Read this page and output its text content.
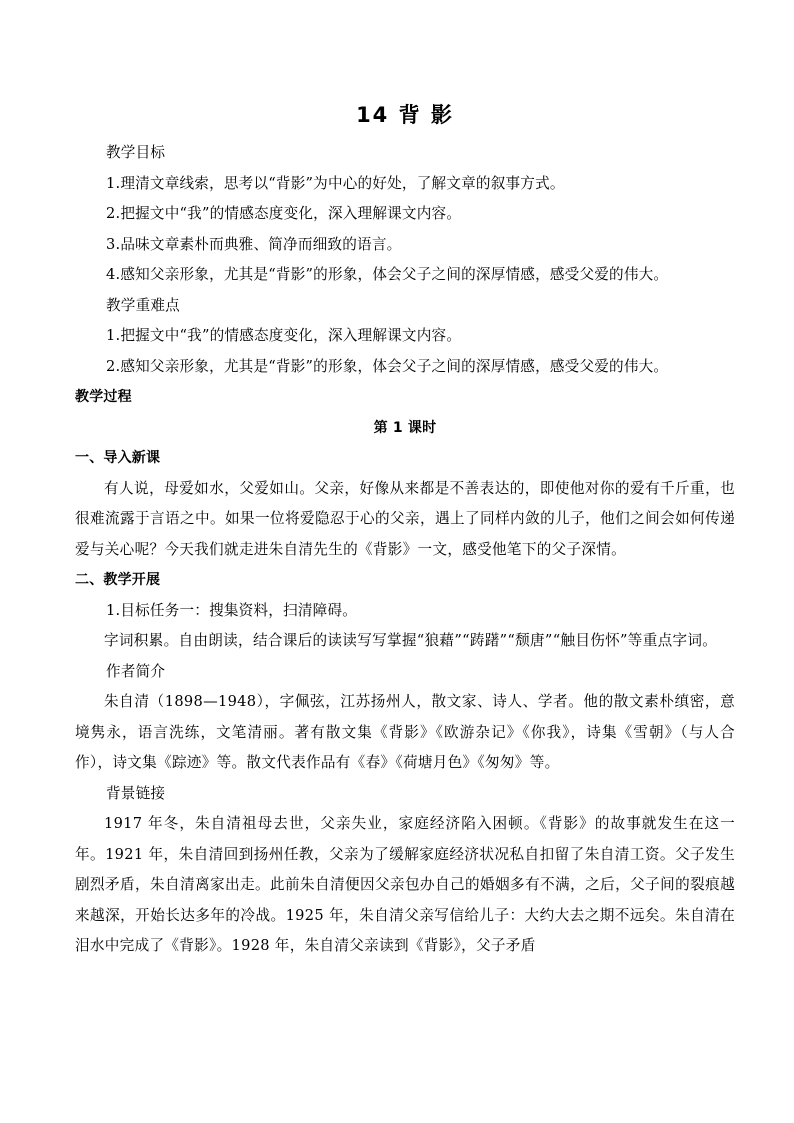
14 背 影
教学目标
1.理清文章线索，思考以“背影”为中心的好处，了解文章的叙事方式。
2.把握文中“我”的情感态度变化，深入理解课文内容。
3.品味文章素朴而典雅、简净而细致的语言。
4.感知父亲形象，尤其是“背影”的形象，体会父子之间的深厚情感，感受父爱的伟大。
教学重难点
1.把握文中“我”的情感态度变化，深入理解课文内容。
2.感知父亲形象，尤其是“背影”的形象，体会父子之间的深厚情感，感受父爱的伟大。
教学过程
第 1 课时
一、导入新课

有人说，母爱如水，父爱如山。父亲，好像从来都是不善表达的，即使他对你的爱有千斤重，也很难流露于言语之中。如果一位将爱隐忍于心的父亲，遇上了同样内敛的儿子，他们之间会如何传递爱与关心呢？今天我们就走进朱自清先生的《背影》一文，感受他笔下的父子深情。

二、教学开展
1.目标任务一：搜集资料，扫清障碍。

字词积累。自由朗读，结合课后的读读写写掌握“狼藉”“踌躇”“颓唐”“触目伤怀”等重点字词。

作者简介

朱自清（1898—1948），字佩弦，江苏扬州人，散文家、诗人、学者。他的散文素朴缜密，意境隽永，语言洗练，文笔清丽。著有散文集《背影》《欧游杂记》《你我》，诗集《雪朝》（与人合作），诗文集《踪迹》等。散文代表作品有《春》《荷塘月色》《匆匆》等。

背景链接

1917 年冬，朱自清祖母去世，父亲失业，家庭经济陷入困顿。《背影》的故事就发生在这一年。1921 年，朱自清回到扬州任教，父亲为了缓解家庭经济状况私自扣留了朱自清工资。父子发生剧烈矛盾，朱自清离家出走。此前朱自清便因父亲包办自己的婚姻多有不满，之后，父子间的裂痕越来越深，开始长达多年的冷战。1925 年，朱自清父亲写信给儿子：大约大去之期不远矣。朱自清在泪水中完成了《背影》。1928 年，朱自清父亲读到《背影》，父子矛盾
